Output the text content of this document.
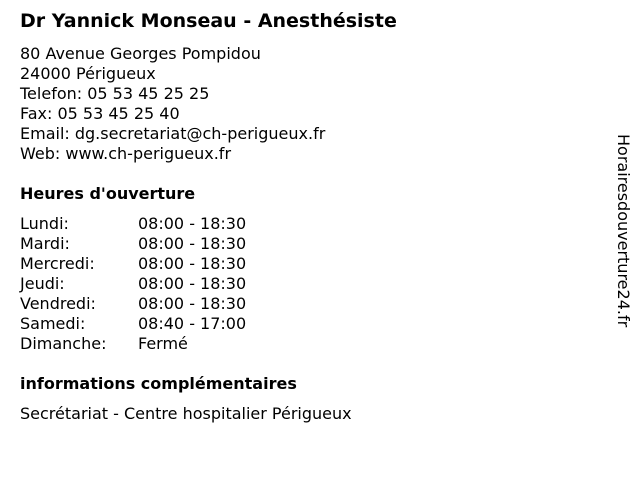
Dr Yannick Monseau - Anesthésiste
80 Avenue Georges Pompidou
24000 Périgueux
Telefon: 05 53 45 25 25
Fax: 05 53 45 25 40
Email: dg.secretariat@ch-perigueux.fr
Web: www.ch-perigueux.fr
Heures d'ouverture
Lundi:	08:00 - 18:30
Mardi:	08:00 - 18:30
Mercredi:	08:00 - 18:30
Jeudi:	08:00 - 18:30
Vendredi:	08:00 - 18:30
Samedi:	08:40 - 17:00
Dimanche:	Fermé
informations complémentaires
Secrétariat - Centre hospitalier Périgueux
Horairesdouverture24.fr
